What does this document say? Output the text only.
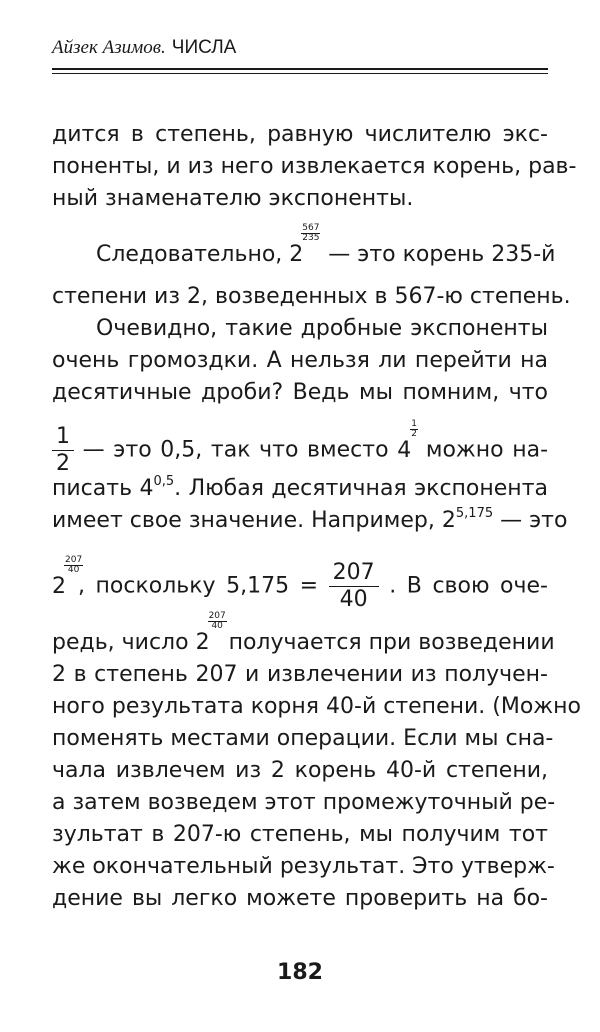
Айзек Азимов. ЧИСЛА
дится в степень, равную числителю экс-
поненты, и из него извлекается корень, рав-
ный знаменателю экспоненты.
Следовательно, 2
$\frac{567}{235}$
— это корень 235-й
степени из 2, возведенных в 567-ю степень.
Очевидно, такие дробные экспоненты
очень громоздки. А нельзя ли перейти на
десятичные дроби? Ведь мы помним, что
$\frac{1}{2}$ — это 0,5, так что вместо 4
$\frac{1}{2}$
можно на-
писать 4$^{0,5}$. Любая десятичная экспонента
имеет свое значение. Например, 2$^{5,175}$ — это
2
$\frac{207}{40}$
, поскольку $5,175 = \frac{207}{40}$ . В свою оче-
редь, число 2
$\frac{207}{40}$
получается при возведении
2 в степень 207 и извлечении из получен-
ного результата корня 40-й степени. (Можно
поменять местами операции. Если мы сна-
чала извлечем из 2 корень 40-й степени,
а затем возведем этот промежуточный ре-
зультат в 207-ю степень, мы получим тот
же окончательный результат. Это утверж-
дение вы легко можете проверить на бо-
182
